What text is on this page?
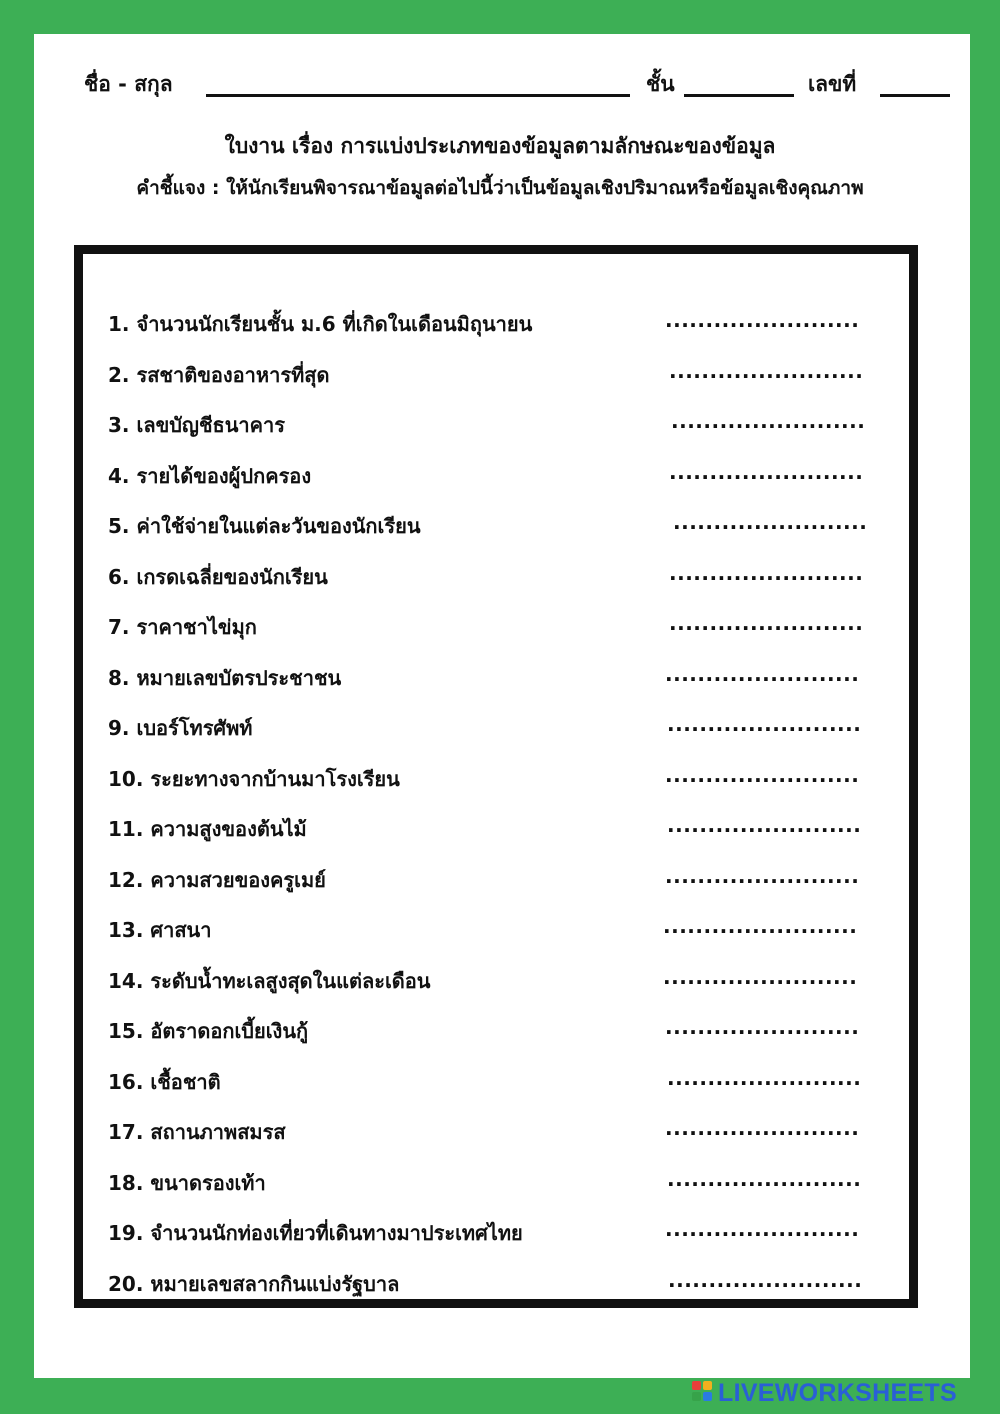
ชื่อ - สกุล	ชั้น	เลขที่
ใบงาน เรื่อง การแบ่งประเภทของข้อมูลตามลักษณะของข้อมูล
คำชี้แจง : ให้นักเรียนพิจารณาข้อมูลต่อไปนี้ว่าเป็นข้อมูลเชิงปริมาณหรือข้อมูลเชิงคุณภาพ
1. จำนวนนักเรียนชั้น ม.6 ที่เกิดในเดือนมิถุนายน	........................
2. รสชาติของอาหารที่สุด	........................
3. เลขบัญชีธนาคาร	........................
4. รายได้ของผู้ปกครอง	........................
5. ค่าใช้จ่ายในแต่ละวันของนักเรียน	........................
6. เกรดเฉลี่ยของนักเรียน	........................
7. ราคาชาไข่มุก	........................
8. หมายเลขบัตรประชาชน	........................
9. เบอร์โทรศัพท์	........................
10. ระยะทางจากบ้านมาโรงเรียน	........................
11. ความสูงของต้นไม้	........................
12. ความสวยของครูเมย์	........................
13. ศาสนา	........................
14. ระดับน้ำทะเลสูงสุดในแต่ละเดือน	........................
15. อัตราดอกเบี้ยเงินกู้	........................
16. เชื้อชาติ	........................
17. สถานภาพสมรส	........................
18. ขนาดรองเท้า	........................
19. จำนวนนักท่องเที่ยวที่เดินทางมาประเทศไทย	........................
20. หมายเลขสลากกินแบ่งรัฐบาล	........................
LIVEWORKSHEETS
